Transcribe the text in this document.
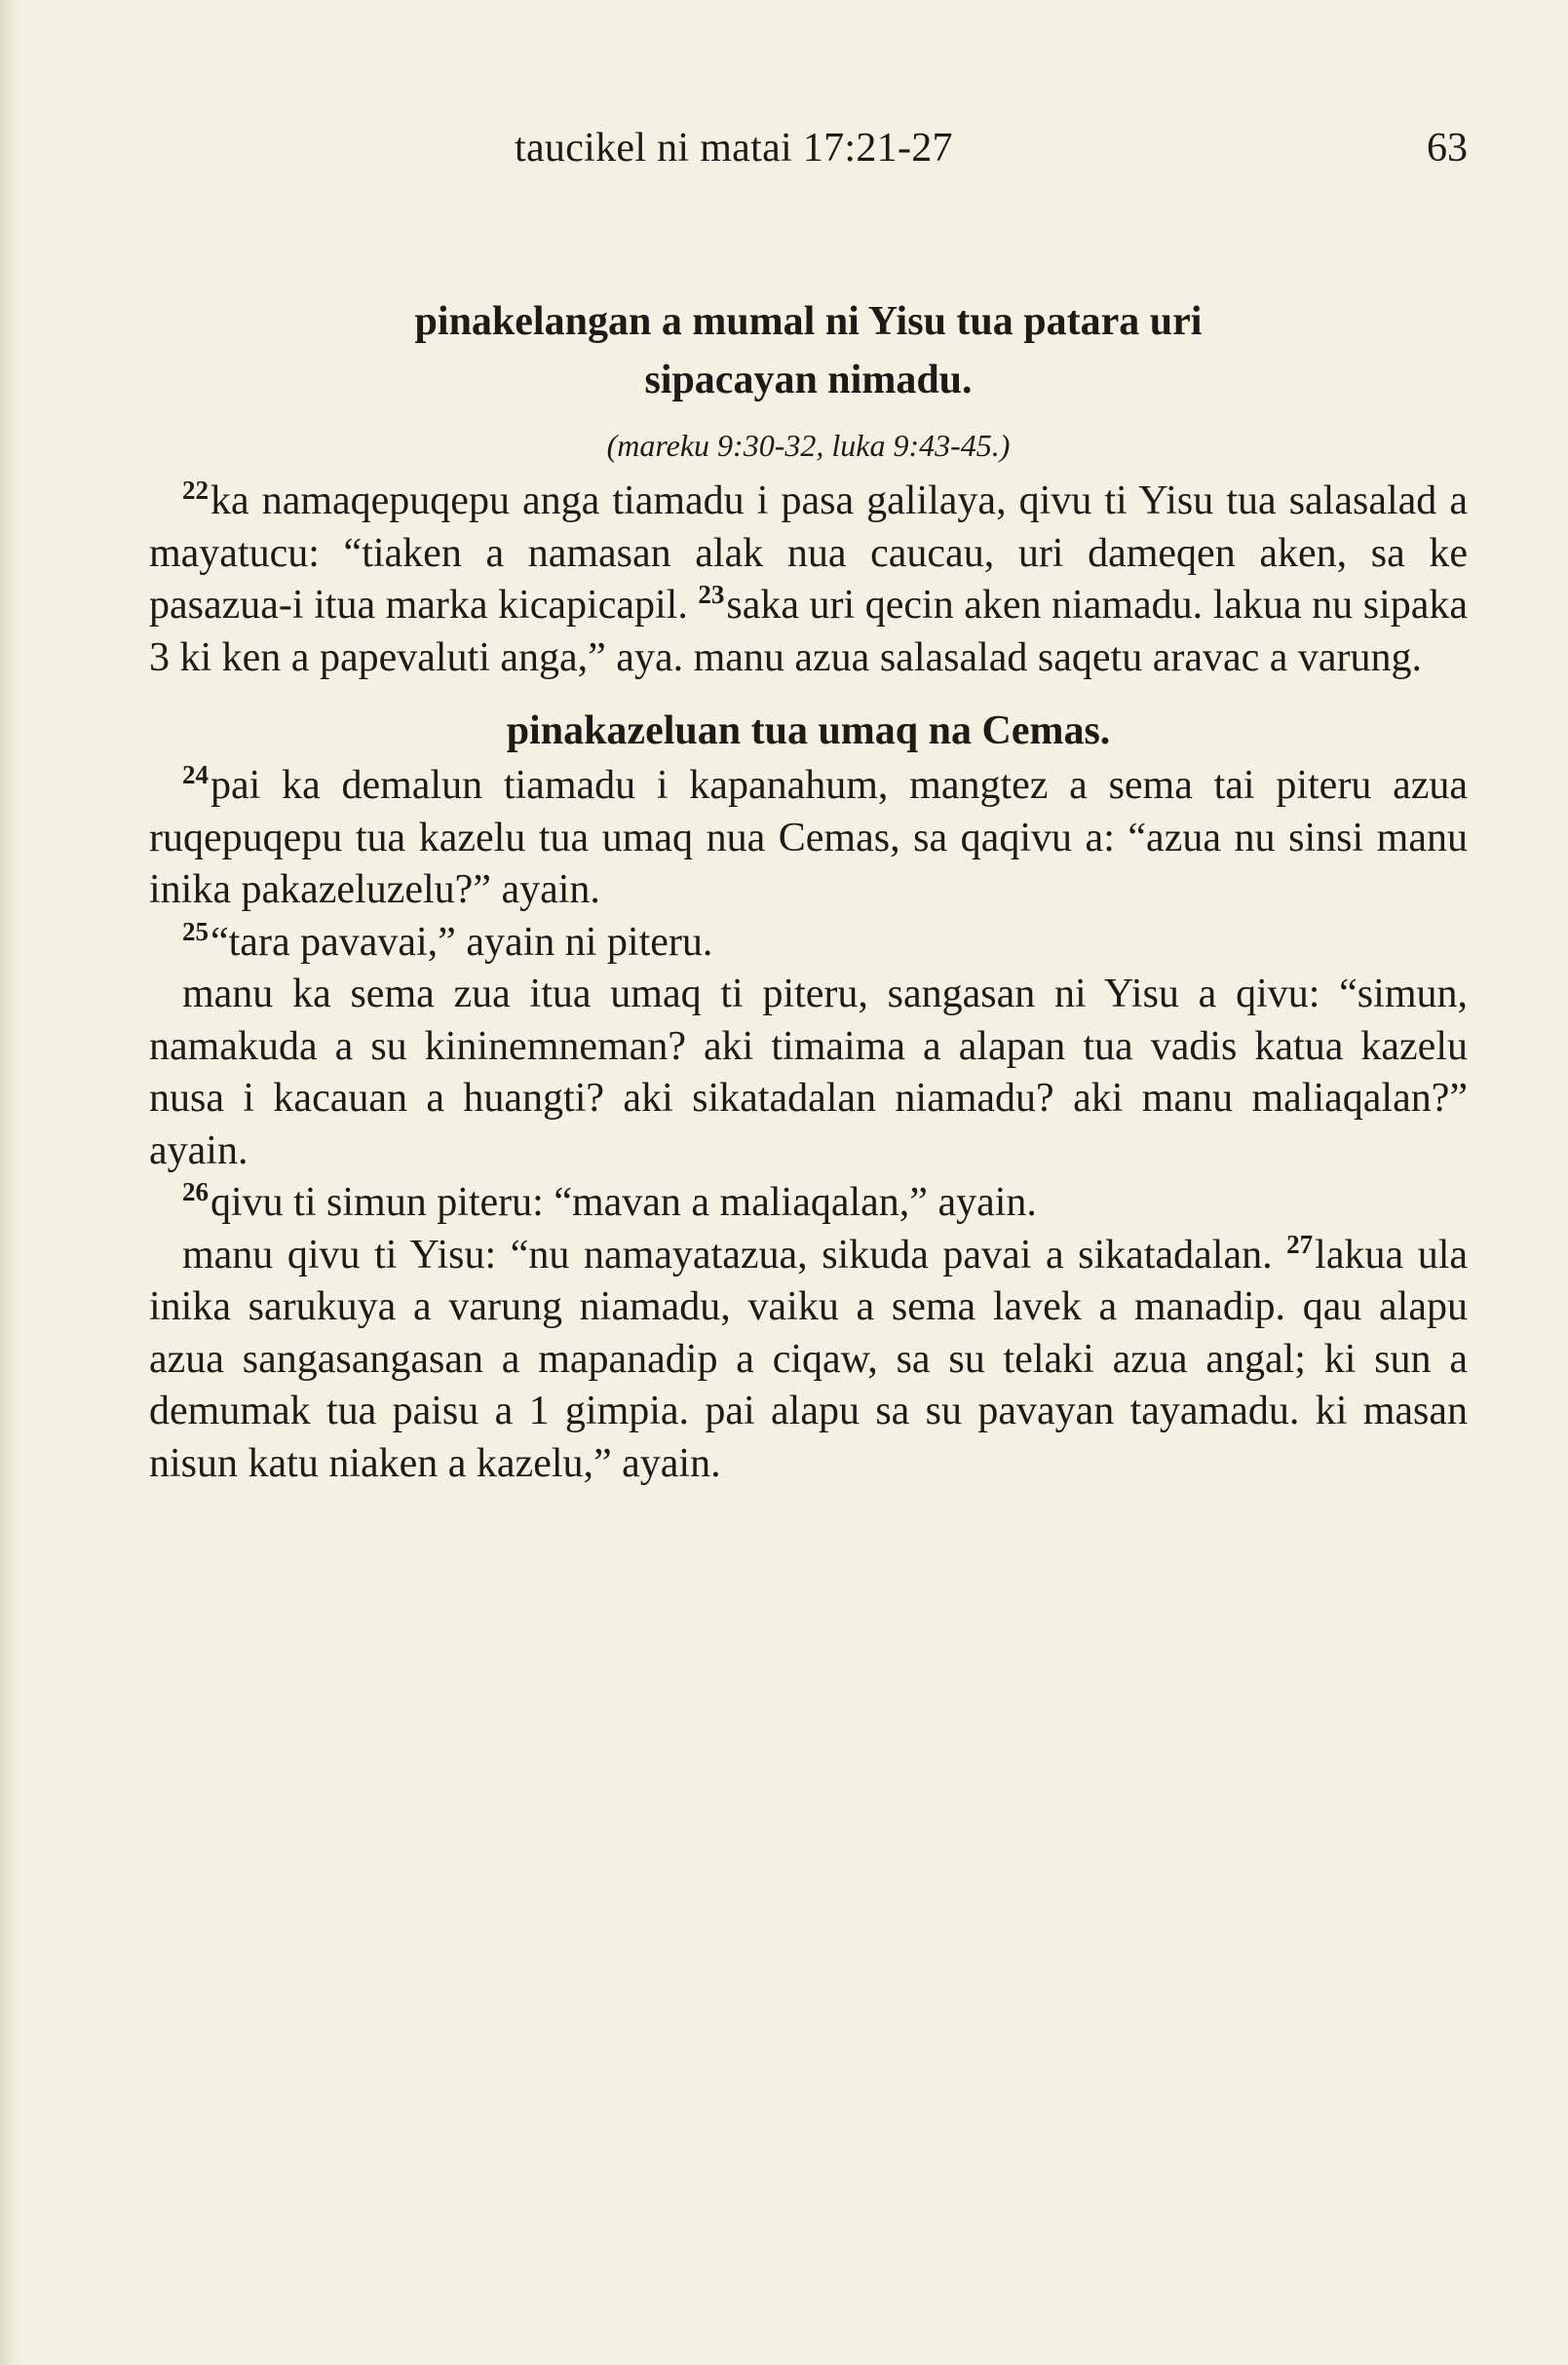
taucikel ni matai 17:21-27	63
pinakelangan a mumal ni Yisu tua patara uri
sipacayan nimadu.
(mareku 9:30-32, luka 9:43-45.)

$^{22}$ka namaqepuqepu anga tiamadu i pasa galilaya, qivu ti Yisu tua salasalad a mayatucu: “tiaken a namasan alak nua caucau, uri dameqen aken, sa ke pasazua-i itua marka kicapicapil. $^{23}$saka uri qecin aken niamadu. lakua nu sipaka 3 ki ken a papevaluti anga,” aya. manu azua salasalad saqetu aravac a varung.

pinakazeluan tua umaq na Cemas.

$^{24}$pai ka demalun tiamadu i kapanahum, mangtez a sema tai piteru azua ruqepuqepu tua kazelu tua umaq nua Cemas, sa qaqivu a: “azua nu sinsi manu inika pakazeluzelu?” ayain.

$^{25}$“tara pavavai,” ayain ni piteru.

manu ka sema zua itua umaq ti piteru, sangasan ni Yisu a qivu: “simun, namakuda a su kininemneman? aki timaima a alapan tua vadis katua kazelu nusa i kacauan a huangti? aki sikatadalan niamadu? aki manu maliaqalan?” ayain.

$^{26}$qivu ti simun piteru: “mavan a maliaqalan,” ayain.

manu qivu ti Yisu: “nu namayatazua, sikuda pavai a sikatadalan. $^{27}$lakua ula inika sarukuya a varung niamadu, vaiku a sema lavek a manadip. qau alapu azua sangasangasan a mapanadip a ciqaw, sa su telaki azua angal; ki sun a demumak tua paisu a 1 gimpia. pai alapu sa su pavayan tayamadu. ki masan nisun katu niaken a kazelu,” ayain.
